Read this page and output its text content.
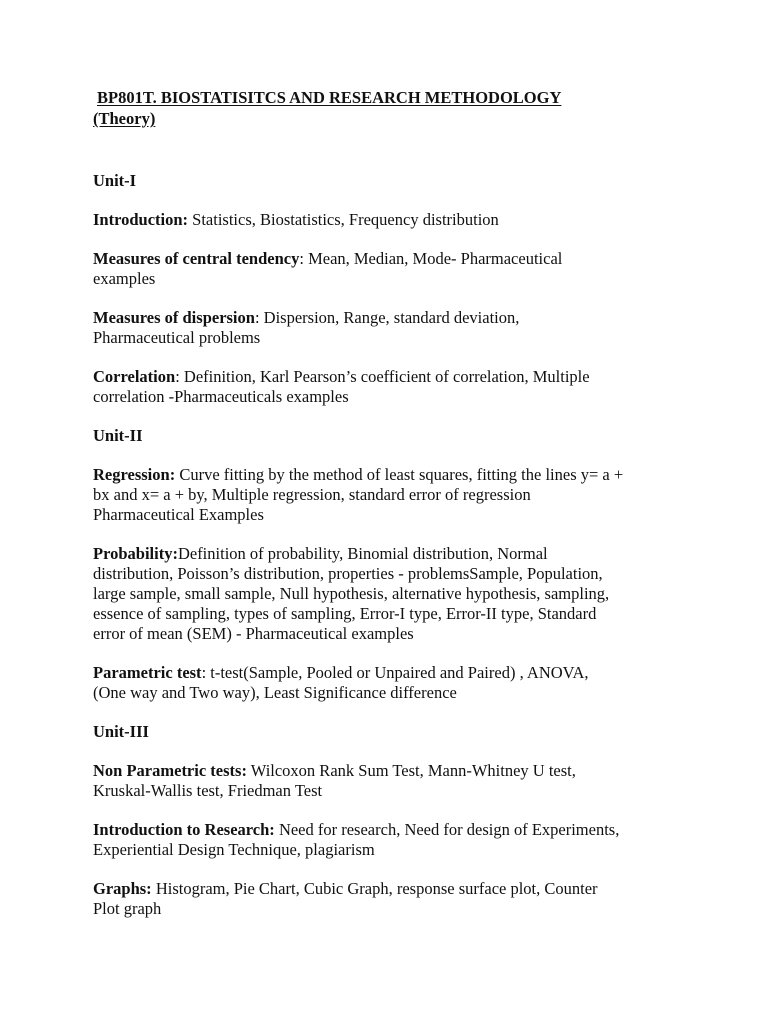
BP801T. BIOSTATISITCS AND RESEARCH METHODOLOGY
(Theory)
Unit-I
Introduction: Statistics, Biostatistics, Frequency distribution
Measures of central tendency: Mean, Median, Mode- Pharmaceutical
examples
Measures of dispersion: Dispersion, Range, standard deviation,
Pharmaceutical problems
Correlation: Definition, Karl Pearson’s coefficient of correlation, Multiple
correlation -Pharmaceuticals examples
Unit-II
Regression: Curve fitting by the method of least squares, fitting the lines y= a +
bx and x= a + by, Multiple regression, standard error of regression
Pharmaceutical Examples
Probability:Definition of probability, Binomial distribution, Normal
distribution, Poisson’s distribution, properties - problemsSample, Population,
large sample, small sample, Null hypothesis, alternative hypothesis, sampling,
essence of sampling, types of sampling, Error-I type, Error-II type, Standard
error of mean (SEM) - Pharmaceutical examples
Parametric test: t-test(Sample, Pooled or Unpaired and Paired) , ANOVA,
(One way and Two way), Least Significance difference
Unit-III
Non Parametric tests: Wilcoxon Rank Sum Test, Mann-Whitney U test,
Kruskal-Wallis test, Friedman Test
Introduction to Research: Need for research, Need for design of Experiments,
Experiential Design Technique, plagiarism
Graphs: Histogram, Pie Chart, Cubic Graph, response surface plot, Counter
Plot graph
